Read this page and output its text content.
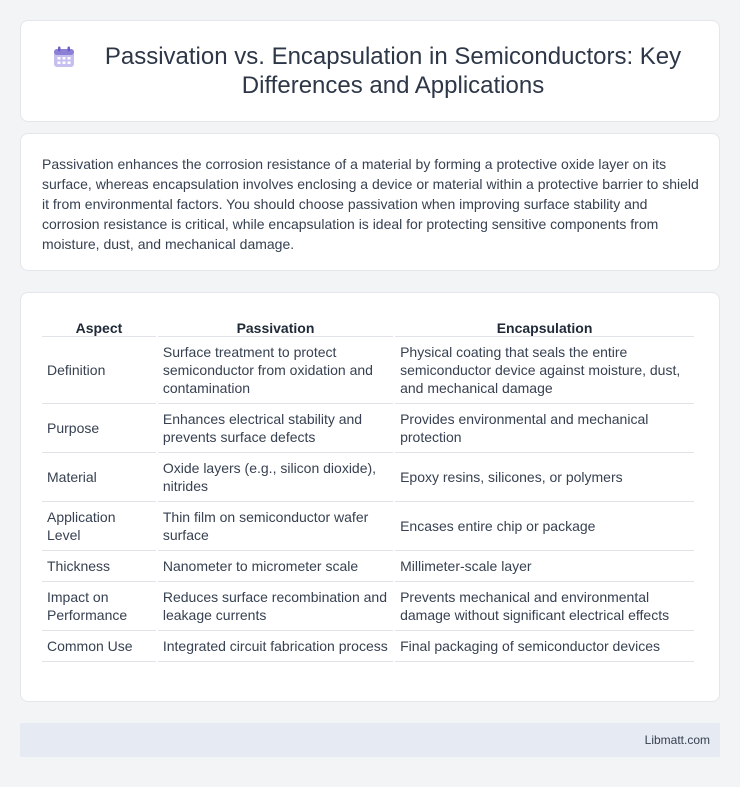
Passivation vs. Encapsulation in Semiconductors: Key Differences and Applications

Passivation enhances the corrosion resistance of a material by forming a protective oxide layer on its surface, whereas encapsulation involves enclosing a device or material within a protective barrier to shield it from environmental factors. You should choose passivation when improving surface stability and corrosion resistance is critical, while encapsulation is ideal for protecting sensitive components from moisture, dust, and mechanical damage.

Aspect	Passivation	Encapsulation
Definition	Surface treatment to protect semiconductor from oxidation and contamination	Physical coating that seals the entire semiconductor device against moisture, dust, and mechanical damage
Purpose	Enhances electrical stability and prevents surface defects	Provides environmental and mechanical protection
Material	Oxide layers (e.g., silicon dioxide), nitrides	Epoxy resins, silicones, or polymers
Application Level	Thin film on semiconductor wafer surface	Encases entire chip or package
Thickness	Nanometer to micrometer scale	Millimeter-scale layer
Impact on Performance	Reduces surface recombination and leakage currents	Prevents mechanical and environmental damage without significant electrical effects
Common Use	Integrated circuit fabrication process	Final packaging of semiconductor devices
Libmatt.com
